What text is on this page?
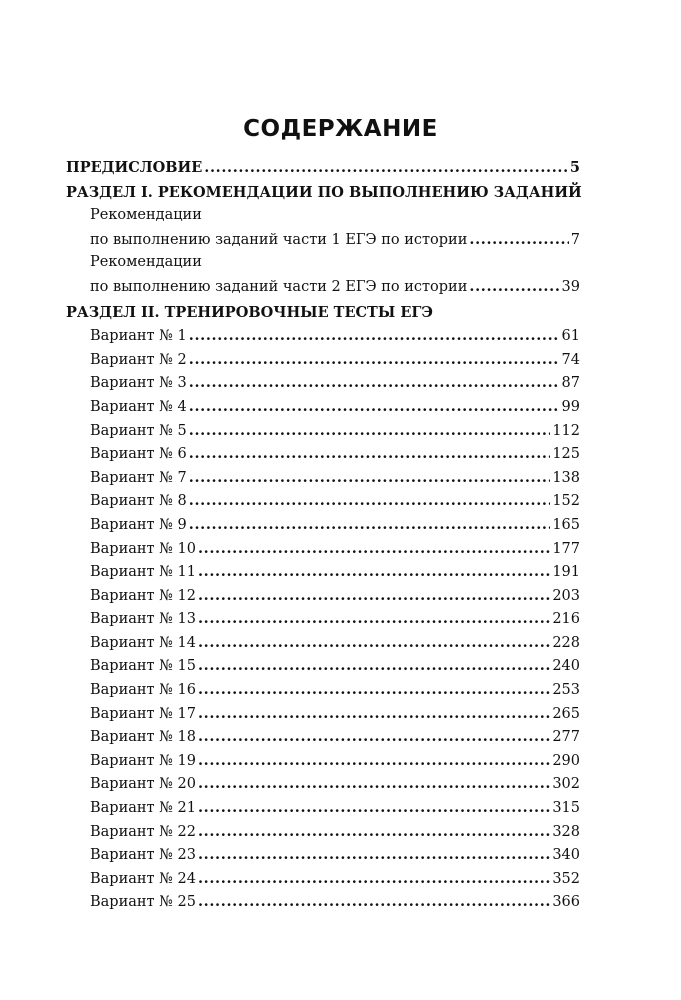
СОДЕРЖАНИЕ
ПРЕДИСЛОВИЕ . . .	5
РАЗДЕЛ I. РЕКОМЕНДАЦИИ ПО ВЫПОЛНЕНИЮ ЗАДАНИЙ
Рекомендации
по выполнению заданий части 1 ЕГЭ по истории . . .	7
Рекомендации
по выполнению заданий части 2 ЕГЭ по истории . . .	39
РАЗДЕЛ II. ТРЕНИРОВОЧНЫЕ ТЕСТЫ ЕГЭ
Вариант № 1 . . .	61
Вариант № 2 . . .	74
Вариант № 3 . . .	87
Вариант № 4 . . .	99
Вариант № 5 . . .	112
Вариант № 6 . . .	125
Вариант № 7 . . .	138
Вариант № 8 . . .	152
Вариант № 9 . . .	165
Вариант № 10 . . .	177
Вариант № 11 . . .	191
Вариант № 12 . . .	203
Вариант № 13 . . .	216
Вариант № 14 . . .	228
Вариант № 15 . . .	240
Вариант № 16 . . .	253
Вариант № 17 . . .	265
Вариант № 18 . . .	277
Вариант № 19 . . .	290
Вариант № 20 . . .	302
Вариант № 21 . . .	315
Вариант № 22 . . .	328
Вариант № 23 . . .	340
Вариант № 24 . . .	352
Вариант № 25 . . .	366
